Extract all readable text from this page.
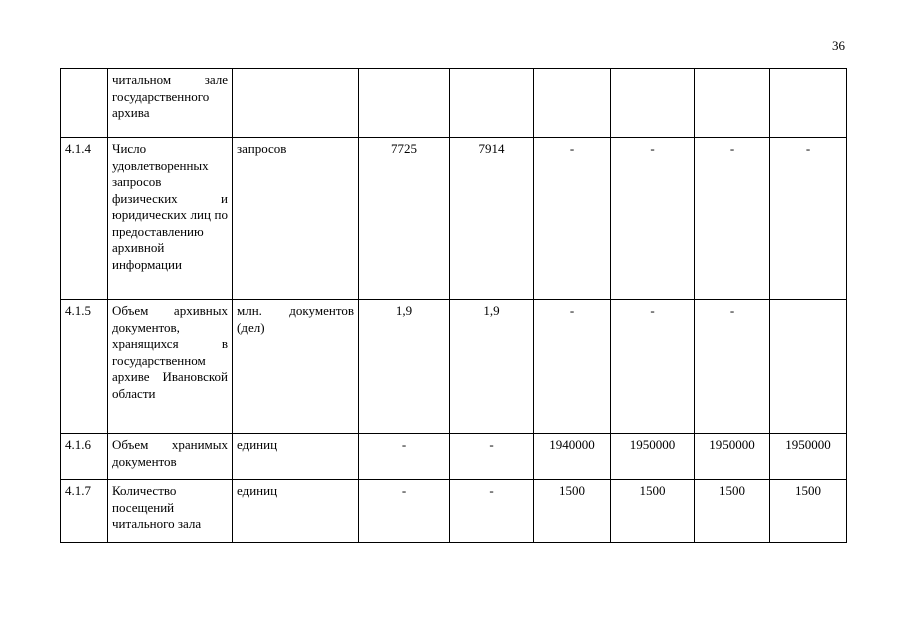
36
	читальном зале государственного архива							
4.1.4	Число удовлетворенных запросов физических и юридических лиц по предоставлению архивной информации	запросов	7725	7914	-	-	-	-
4.1.5	Объем архивных документов, хранящихся в государственном архиве Ивановской области	млн. документов (дел)	1,9	1,9	-	-	-	
4.1.6	Объем хранимых документов	единиц	-	-	1940000	1950000	1950000	1950000
4.1.7	Количество посещений читального зала	единиц	-	-	1500	1500	1500	1500
